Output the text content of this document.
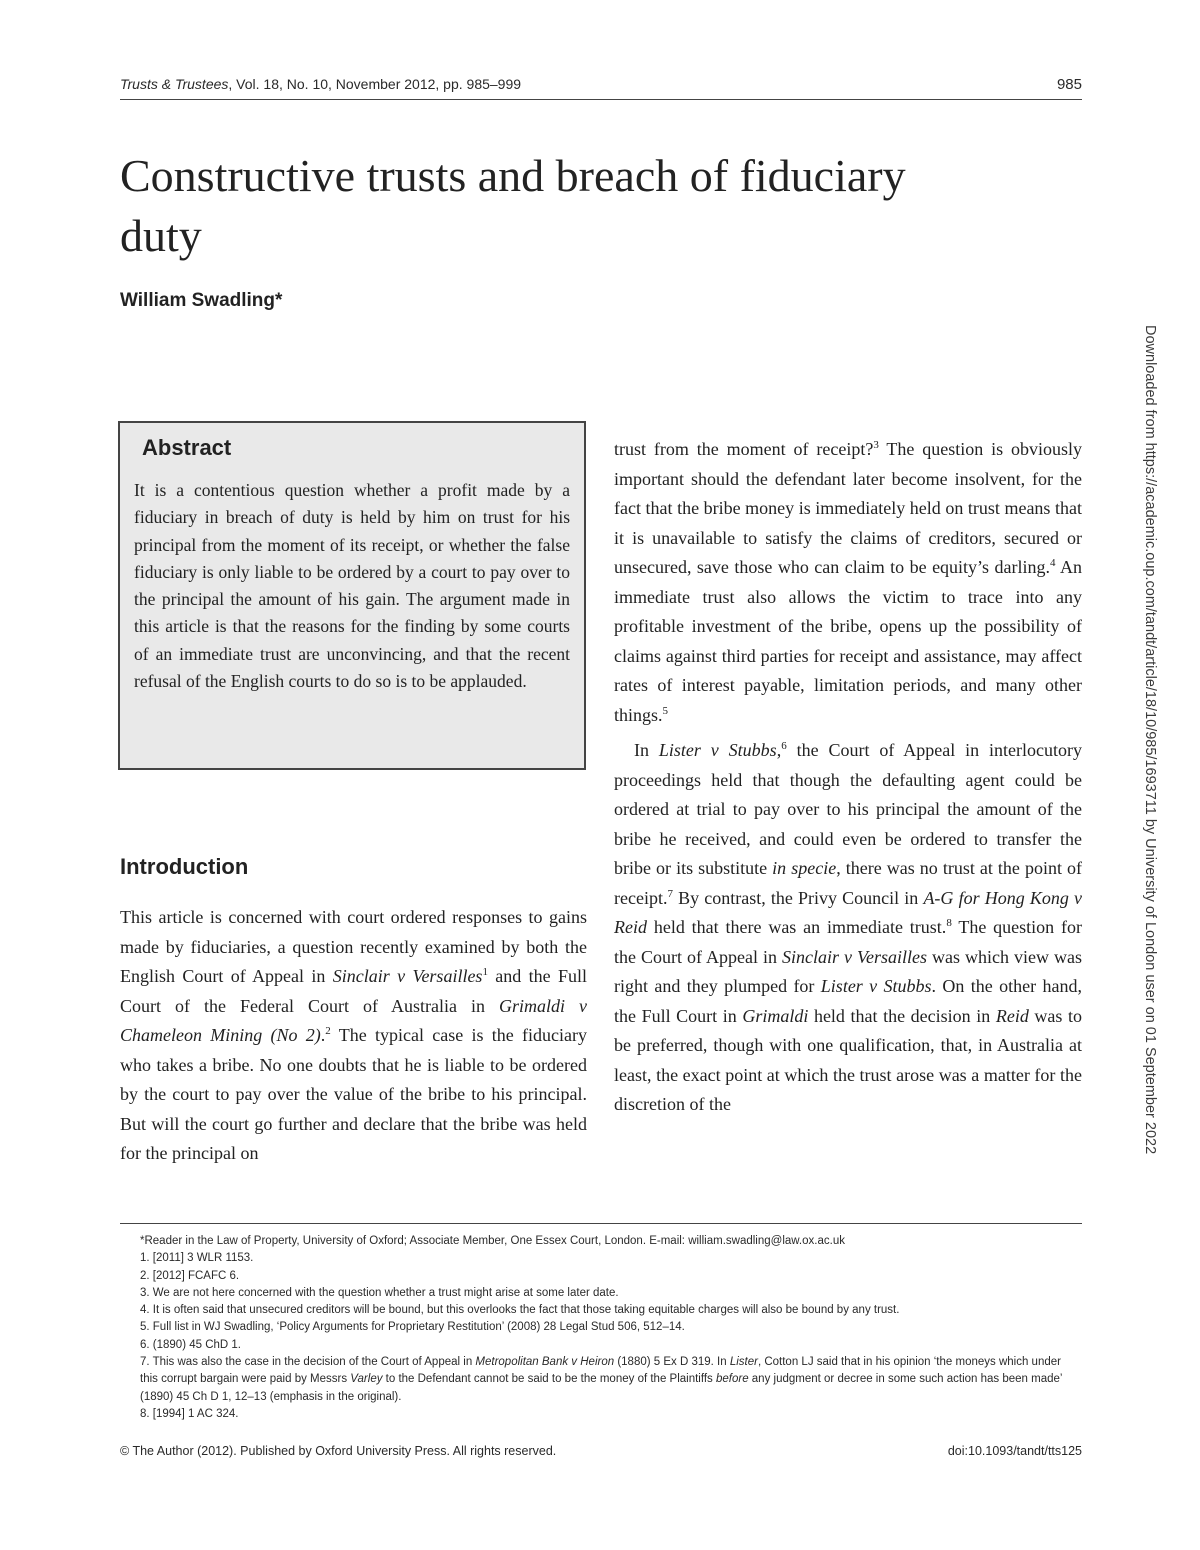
Trusts & Trustees, Vol. 18, No. 10, November 2012, pp. 985–999	985
Constructive trusts and breach of fiduciary duty
William Swadling*
Abstract
It is a contentious question whether a profit made by a fiduciary in breach of duty is held by him on trust for his principal from the moment of its receipt, or whether the false fiduciary is only liable to be ordered by a court to pay over to the principal the amount of his gain. The argument made in this article is that the reasons for the finding by some courts of an immediate trust are unconvincing, and that the recent refusal of the English courts to do so is to be applauded.
Introduction

This article is concerned with court ordered responses to gains made by fiduciaries, a question recently examined by both the English Court of Appeal in Sinclair v Versailles$^1$ and the Full Court of the Federal Court of Australia in Grimaldi v Chameleon Mining (No 2).$^2$ The typical case is the fiduciary who takes a bribe. No one doubts that he is liable to be ordered by the court to pay over the value of the bribe to his principal. But will the court go further and declare that the bribe was held for the principal on

trust from the moment of receipt?$^3$ The question is obviously important should the defendant later become insolvent, for the fact that the bribe money is immediately held on trust means that it is unavailable to satisfy the claims of creditors, secured or unsecured, save those who can claim to be equity’s darling.$^4$ An immediate trust also allows the victim to trace into any profitable investment of the bribe, opens up the possibility of claims against third parties for receipt and assistance, may affect rates of interest payable, limitation periods, and many other things.$^5$

In Lister v Stubbs,$^6$ the Court of Appeal in interlocutory proceedings held that though the defaulting agent could be ordered at trial to pay over to his principal the amount of the bribe he received, and could even be ordered to transfer the bribe or its substitute in specie, there was no trust at the point of receipt.$^7$ By contrast, the Privy Council in A-G for Hong Kong v Reid held that there was an immediate trust.$^8$ The question for the Court of Appeal in Sinclair v Versailles was which view was right and they plumped for Lister v Stubbs. On the other hand, the Full Court in Grimaldi held that the decision in Reid was to be preferred, though with one qualification, that, in Australia at least, the exact point at which the trust arose was a matter for the discretion of the

*Reader in the Law of Property, University of Oxford; Associate Member, One Essex Court, London. E-mail: william.swadling@law.ox.ac.uk
1. [2011] 3 WLR 1153.
2. [2012] FCAFC 6.
3. We are not here concerned with the question whether a trust might arise at some later date.
4. It is often said that unsecured creditors will be bound, but this overlooks the fact that those taking equitable charges will also be bound by any trust.
5. Full list in WJ Swadling, ‘Policy Arguments for Proprietary Restitution’ (2008) 28 Legal Stud 506, 512–14.
6. (1890) 45 ChD 1.
7. This was also the case in the decision of the Court of Appeal in Metropolitan Bank v Heiron (1880) 5 Ex D 319. In Lister, Cotton LJ said that in his opinion ‘the moneys which under this corrupt bargain were paid by Messrs Varley to the Defendant cannot be said to be the money of the Plaintiffs before any judgment or decree in some such action has been made’ (1890) 45 Ch D 1, 12–13 (emphasis in the original).
8. [1994] 1 AC 324.
© The Author (2012). Published by Oxford University Press. All rights reserved.	doi:10.1093/tandt/tts125
Downloaded from https://academic.oup.com/tandt/article/18/10/985/1693711 by University of London user on 01 September 2022
